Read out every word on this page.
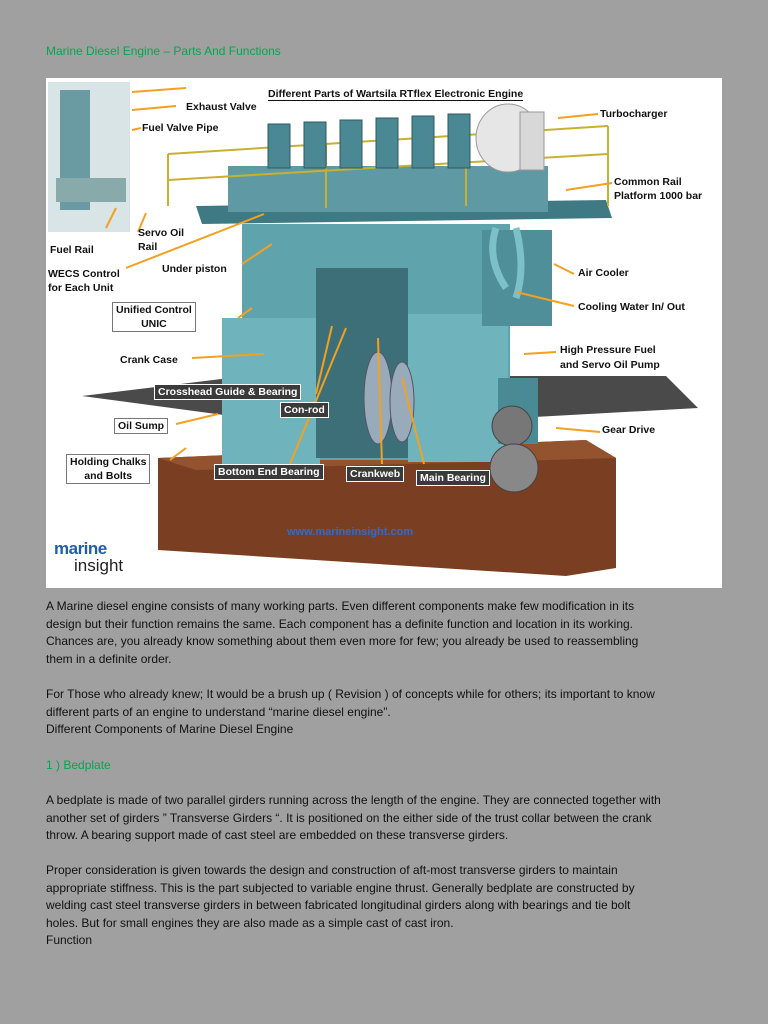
Marine Diesel Engine – Parts And Functions
Different Parts of Wartsila RTflex Electronic Engine
Exhaust Valve
Fuel Valve Pipe
Turbocharger
Common Rail
Platform 1000 bar
Fuel Rail
Servo Oil
Rail
WECS Control
for Each Unit
Under piston	Air Cooler
Cooling Water In/ Out
Unified Control
UNIC
Crank Case
High Pressure Fuel
and Servo Oil Pump
Crosshead Guide & Bearing
Con-rod
Oil Sump	Gear Drive
Holding Chalks
and Bolts	Bottom End Bearing	Crankweb	Main Bearing
www.marineinsight.com
marine
insight
A Marine diesel engine consists of many working parts. Even different components make few modification in its
design but their function remains the same. Each component has a definite function and location in its working.
Chances are, you already know something about them even more for few; you already be used to reassembling
them in a definite order.
For Those who already knew; It would be a brush up ( Revision ) of concepts while for others; its important to know
different parts of an engine to understand “marine diesel engine”.
Different Components of Marine Diesel Engine
1 ) Bedplate
A bedplate is made of two parallel girders running across the length of the engine. They are connected together with
another set of girders ” Transverse Girders “. It is positioned on the either side of the trust collar between the crank
throw. A bearing support made of cast steel are embedded on these transverse girders.
Proper consideration is given towards the design and construction of aft-most transverse girders to maintain
appropriate stiffness. This is the part subjected to variable engine thrust. Generally bedplate are constructed by
welding cast steel transverse girders in between fabricated longitudinal girders along with bearings and tie bolt
holes. But for small engines they are also made as a simple cast of cast iron.
Function
